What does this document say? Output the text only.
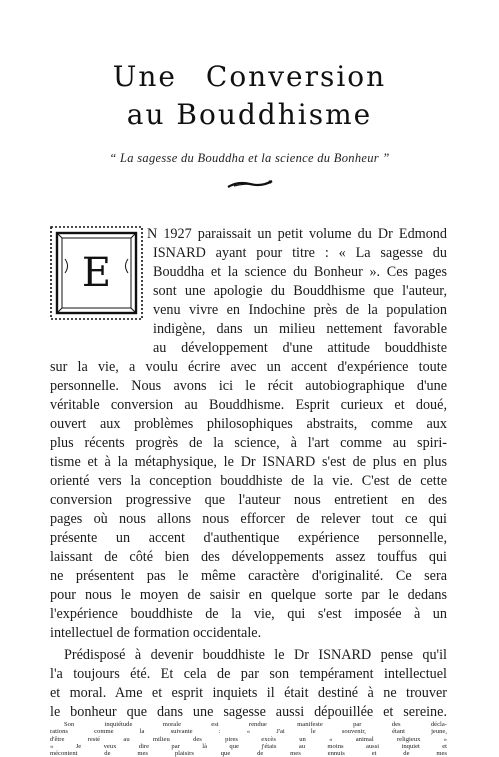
Une Conversion
au Bouddhisme
“ La sagesse du Bouddha et la science du Bonheur ”
E
N 1927 paraissait un petit volume du Dr Edmond
ISNARD ayant pour titre : « La sagesse du
Bouddha et la science du Bonheur ». Ces pages
sont une apologie du Bouddhisme que l'auteur,
venu vivre en Indochine près de la population
indigène, dans un milieu nettement favorable
au développement d'une attitude bouddhiste
sur la vie, a voulu écrire avec un accent d'expérience toute
personnelle. Nous avons ici le récit autobiographique d'une
véritable conversion au Bouddhisme. Esprit curieux et doué,
ouvert aux problèmes philosophiques abstraits, comme aux
plus récents progrès de la science, à l'art comme au spiri-
tisme et à la métaphysique, le Dr ISNARD s'est de plus en plus
orienté vers la conception bouddhiste de la vie. C'est de cette
conversion progressive que l'auteur nous entretient en des
pages où nous allons nous efforcer de relever tout ce qui
présente un accent d'authentique expérience personnelle,
laissant de côté bien des développements assez touffus qui
ne présentent pas le même caractère d'originalité. Ce sera
pour nous le moyen de saisir en quelque sorte par le dedans
l'expérience bouddhiste de la vie, qui s'est imposée à un
intellectuel de formation occidentale.
Prédisposé à devenir bouddhiste le Dr ISNARD pense qu'il
l'a toujours été. Et cela de par son tempérament intellectuel
et moral. Ame et esprit inquiets il était destiné à ne trouver
le bonheur que dans une sagesse aussi dépouillée et sereine.
Son inquiétude morale est rendue manifeste par des décla-
rations comme la suivante : « J'ai le souvenir, étant jeune,
d'être resté au milieu des pires excès un « animal religieux »
« Je veux dire par là que j'étais au moins aussi inquiet et
mécontent de mes plaisirs que de mes ennuis et de mes
